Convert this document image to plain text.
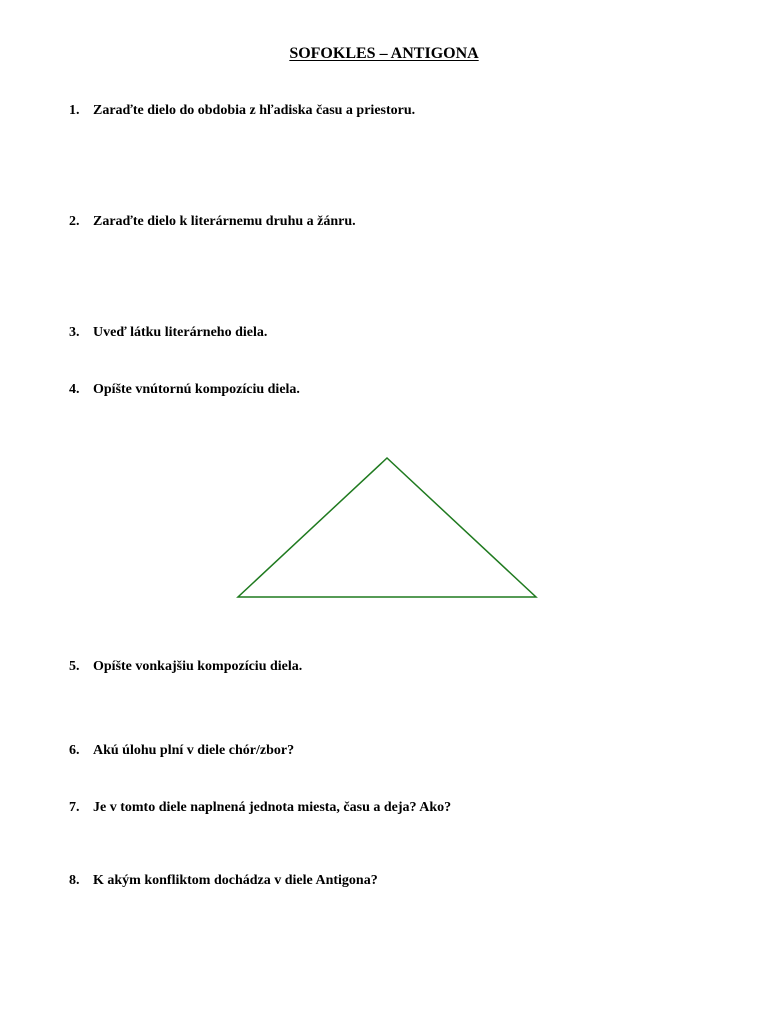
SOFOKLES – ANTIGONA
1. Zaraďte dielo do obdobia z hľadiska času a priestoru.
2. Zaraďte dielo k literárnemu druhu a žánru.
3. Uveď látku literárneho diela.
4. Opíšte vnútornú kompozíciu diela.
5. Opíšte vonkajšiu kompozíciu diela.
6. Akú úlohu plní v diele chór/zbor?
7. Je v tomto diele naplnená jednota miesta, času a deja? Ako?
8. K akým konfliktom dochádza v diele Antigona?
